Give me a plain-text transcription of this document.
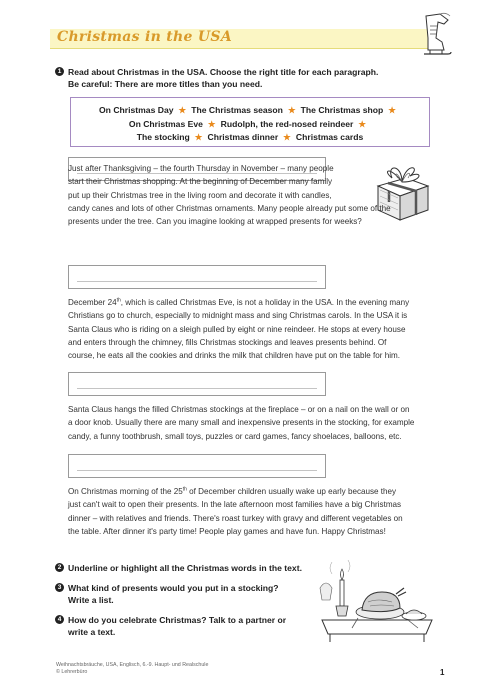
Christmas in the USA
1 Read about Christmas in the USA. Choose the right title for each paragraph.
Be careful: There are more titles than you need.
On Christmas Day ★ The Christmas season ★ The Christmas shop ★
On Christmas Eve ★ Rudolph, the red-nosed reindeer ★
The stocking ★ Christmas dinner ★ Christmas cards
Just after Thanksgiving – the fourth Thursday in November – many people
start their Christmas shopping. At the beginning of December many family
put up their Christmas tree in the living room and decorate it with candles,
candy canes and lots of other Christmas ornaments. Many people already put some of the
presents under the tree. Can you imagine looking at wrapped presents for weeks?
December 24th, which is called Christmas Eve, is not a holiday in the USA. In the evening many
Christians go to church, especially to midnight mass and sing Christmas carols. In the USA it is
Santa Claus who is riding on a sleigh pulled by eight or nine reindeer. He stops at every house
and enters through the chimney, fills Christmas stockings and leaves presents behind. Of
course, he eats all the cookies and drinks the milk that children have put on the table for him.
Santa Claus hangs the filled Christmas stockings at the fireplace – or on a nail on the wall or on
a door knob. Usually there are many small and inexpensive presents in the stocking, for example
candy, a funny toothbrush, small toys, puzzles or card games, fancy shoelaces, balloons, etc.
On Christmas morning of the 25th of December children usually wake up early because they
just can't wait to open their presents. In the late afternoon most families have a big Christmas
dinner – with relatives and friends. There's roast turkey with gravy and different vegetables on
the table. After dinner it's party time! People play games and have fun. Happy Christmas!
2 Underline or highlight all the Christmas words in the text.
3 What kind of presents would you put in a stocking?
Write a list.
4 How do you celebrate Christmas? Talk to a partner or
write a text.
Weihnachtsbräuche, USA, Englisch, 6.-9. Haupt- und Realschule
© Lehrerbüro	1
